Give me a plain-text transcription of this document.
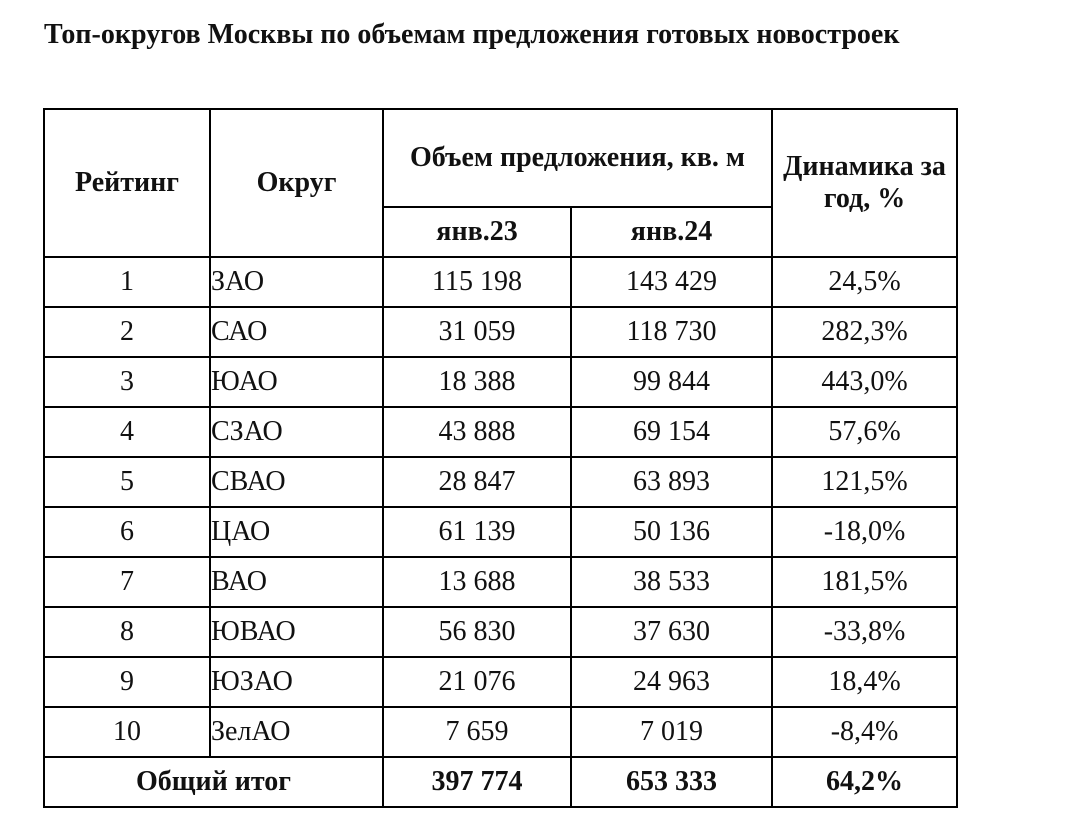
Топ-округов Москвы по объемам предложения готовых новостроек
Рейтинг	Округ	Объем предложения, кв. м		Динамика за год, %
		янв.23	янв.24	
1	ЗАО	115 198	143 429	24,5%
2	САО	31 059	118 730	282,3%
3	ЮАО	18 388	99 844	443,0%
4	СЗАО	43 888	69 154	57,6%
5	СВАО	28 847	63 893	121,5%
6	ЦАО	61 139	50 136	-18,0%
7	ВАО	13 688	38 533	181,5%
8	ЮВАО	56 830	37 630	-33,8%
9	ЮЗАО	21 076	24 963	18,4%
10	ЗелАО	7 659	7 019	-8,4%
Общий итог		397 774	653 333	64,2%
